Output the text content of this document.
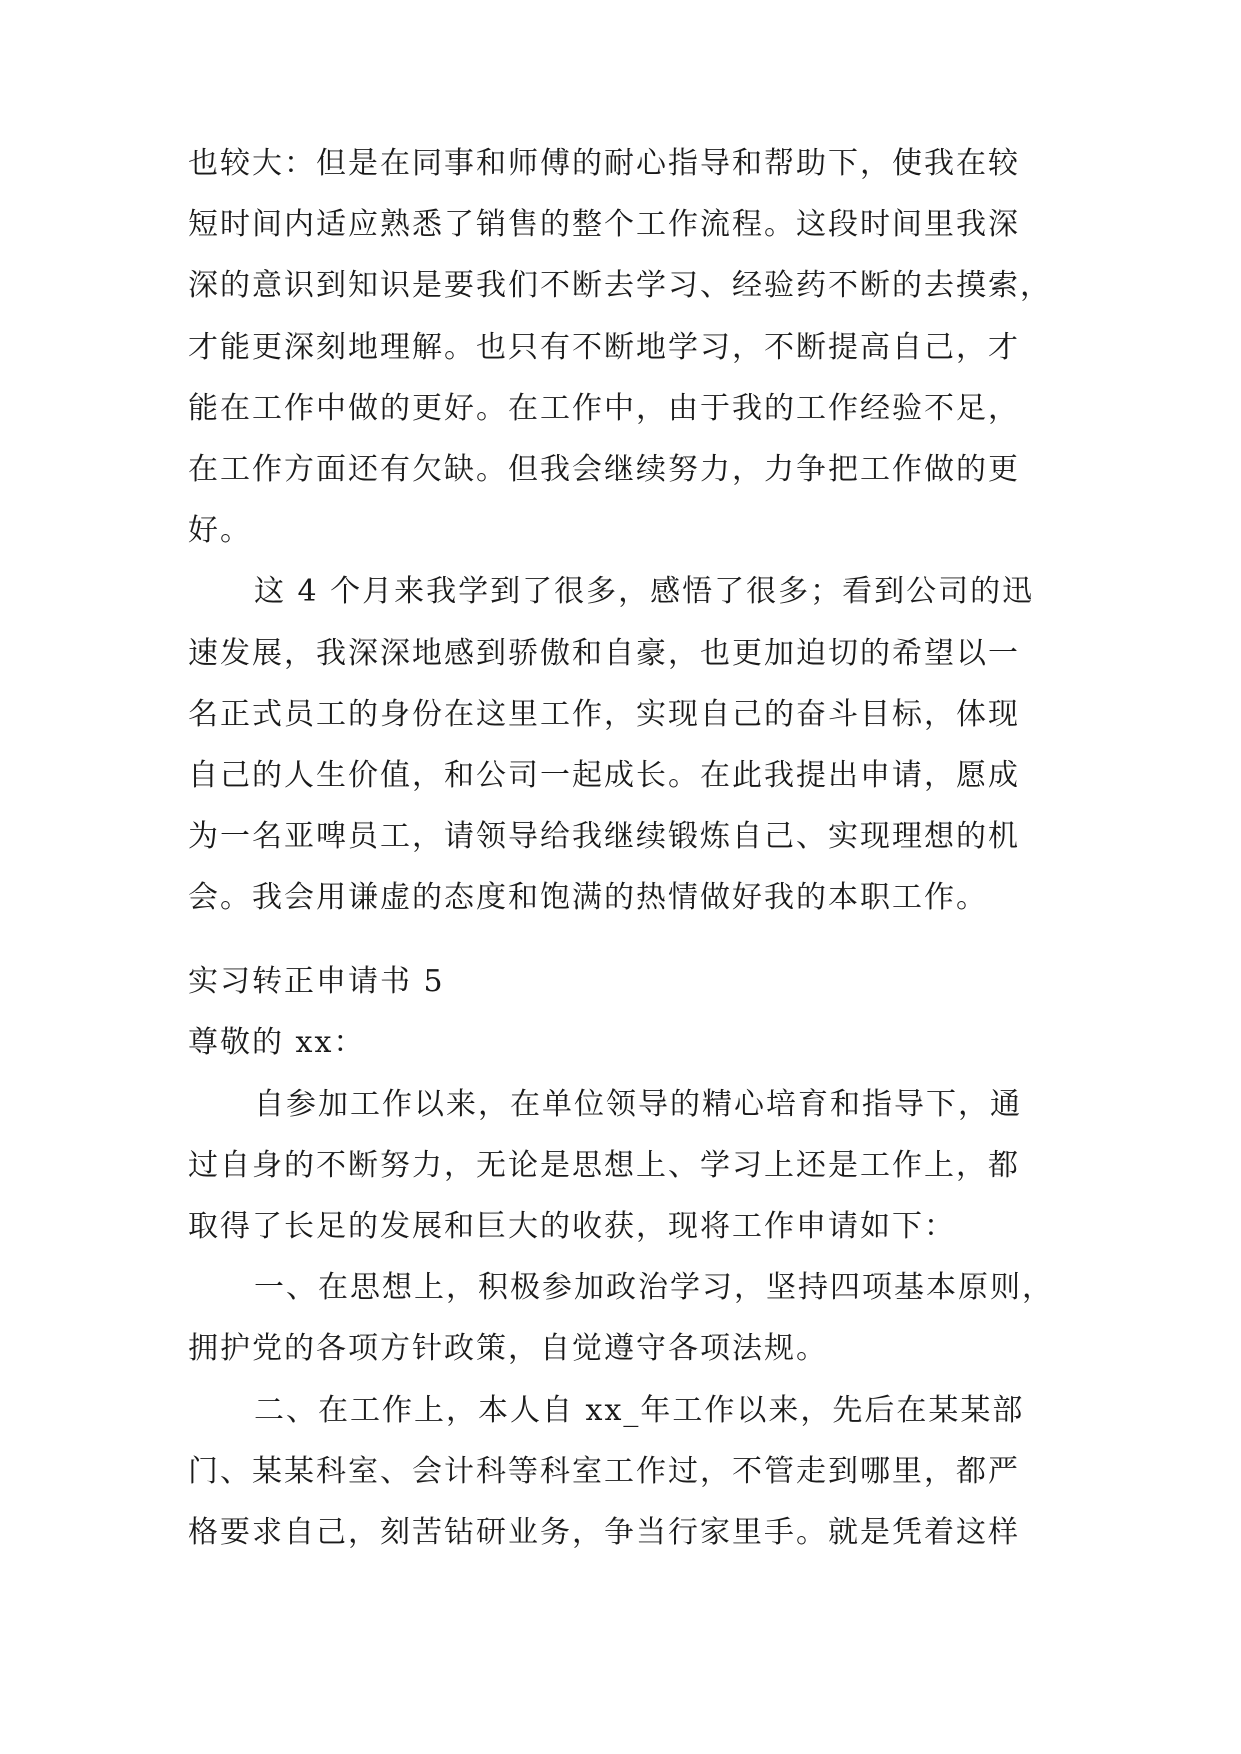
也较大：但是在同事和师傅的耐心指导和帮助下，使我在较
短时间内适应熟悉了销售的整个工作流程。这段时间里我深
深的意识到知识是要我们不断去学习、经验药不断的去摸索，
才能更深刻地理解。也只有不断地学习，不断提高自己，才
能在工作中做的更好。在工作中，由于我的工作经验不足，
在工作方面还有欠缺。但我会继续努力，力争把工作做的更
好。
这 4 个月来我学到了很多，感悟了很多；看到公司的迅
速发展，我深深地感到骄傲和自豪，也更加迫切的希望以一
名正式员工的身份在这里工作，实现自己的奋斗目标，体现
自己的人生价值，和公司一起成长。在此我提出申请，愿成
为一名亚啤员工，请领导给我继续锻炼自己、实现理想的机
会。我会用谦虚的态度和饱满的热情做好我的本职工作。
实习转正申请书 5
尊敬的 xx：
自参加工作以来，在单位领导的精心培育和指导下，通
过自身的不断努力，无论是思想上、学习上还是工作上，都
取得了长足的发展和巨大的收获，现将工作申请如下：
一、在思想上，积极参加政治学习，坚持四项基本原则，
拥护党的各项方针政策，自觉遵守各项法规。
二、在工作上，本人自 xx_年工作以来，先后在某某部
门、某某科室、会计科等科室工作过，不管走到哪里，都严
格要求自己，刻苦钻研业务，争当行家里手。就是凭着这样
